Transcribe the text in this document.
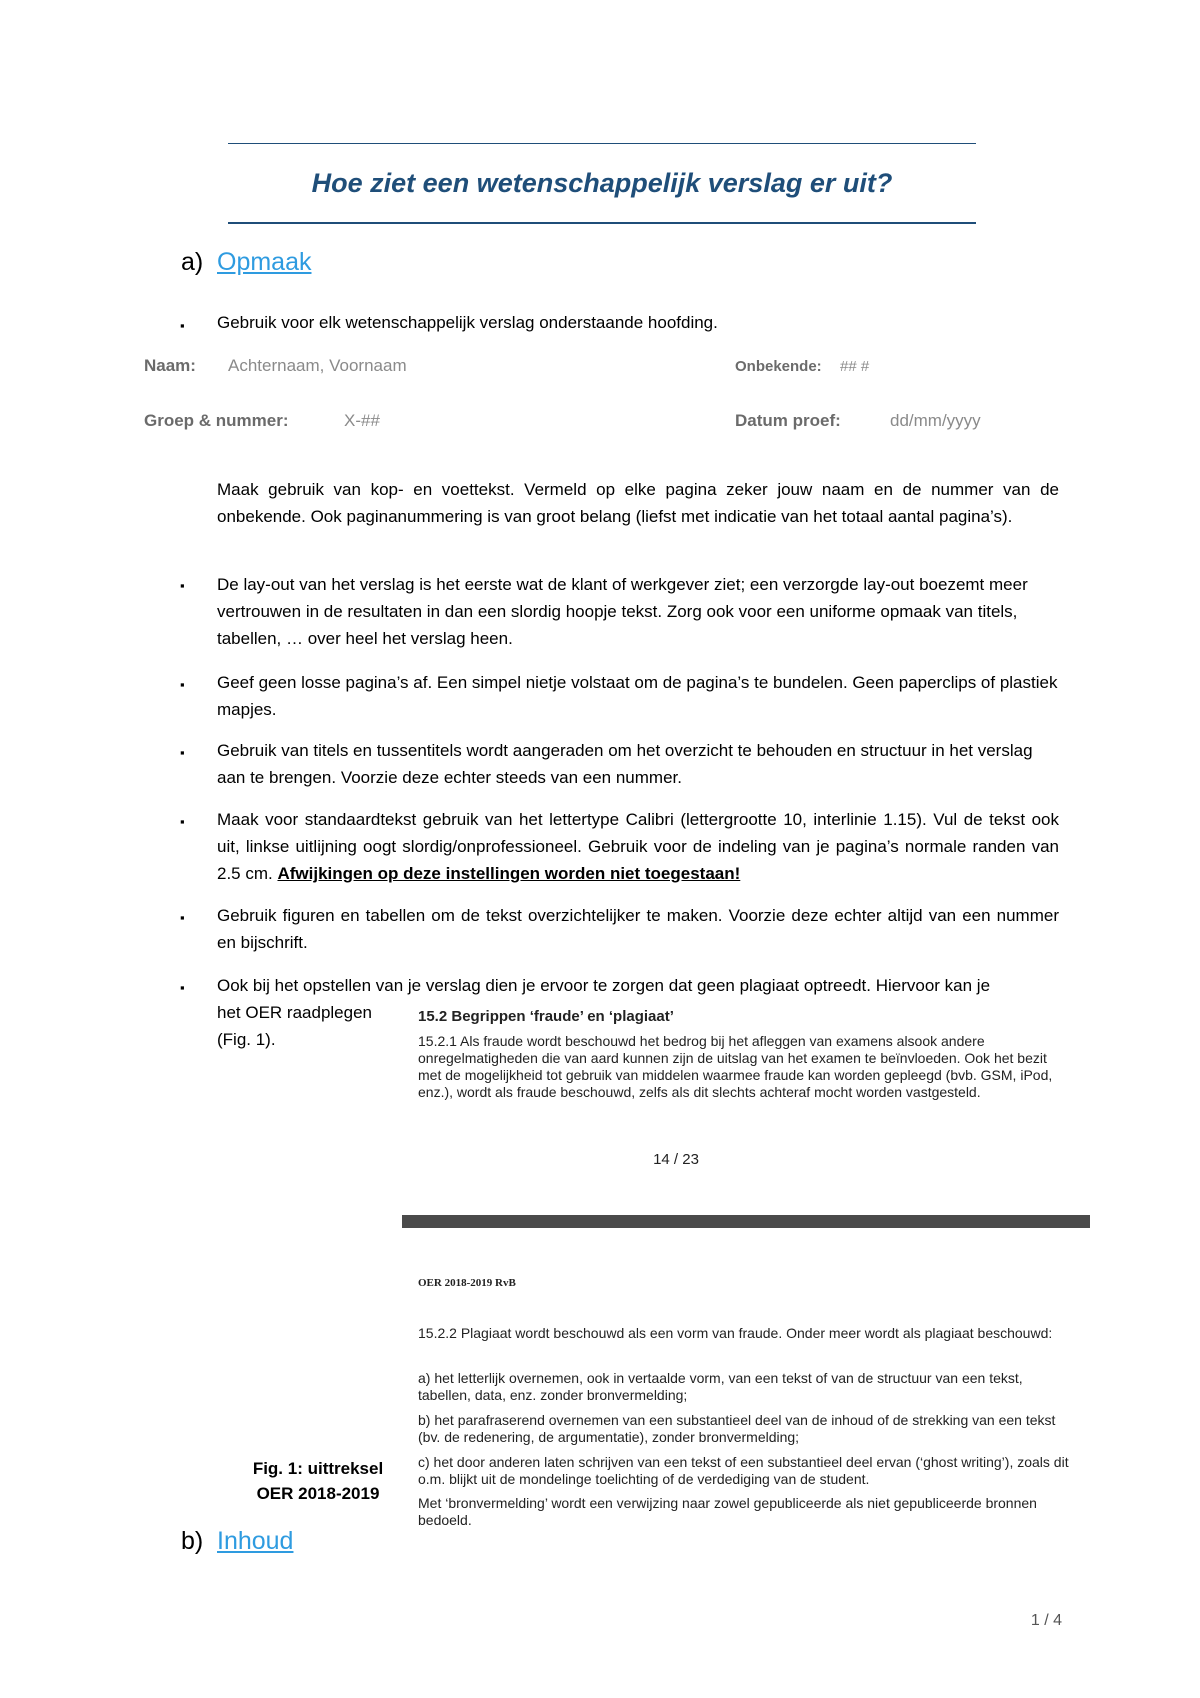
Hoe ziet een wetenschappelijk verslag er uit?
a) Opmaak
▪ Gebruik voor elk wetenschappelijk verslag onderstaande hoofding.
Naam: Achternaam, Voornaam	Onbekende: ## #
Groep & nummer:	X-##	Datum proef:	dd/mm/yyyy
Maak gebruik van kop- en voettekst. Vermeld op elke pagina zeker jouw naam en de nummer van de onbekende. Ook paginanummering is van groot belang (liefst met indicatie van het totaal aantal pagina’s).
▪ De lay-out van het verslag is het eerste wat de klant of werkgever ziet; een verzorgde lay-out boezemt meer vertrouwen in de resultaten in dan een slordig hoopje tekst. Zorg ook voor een uniforme opmaak van titels, tabellen, … over heel het verslag heen.
▪ Geef geen losse pagina’s af. Een simpel nietje volstaat om de pagina’s te bundelen. Geen paperclips of plastiek mapjes.
▪ Gebruik van titels en tussentitels wordt aangeraden om het overzicht te behouden en structuur in het verslag aan te brengen. Voorzie deze echter steeds van een nummer.
▪ Maak voor standaardtekst gebruik van het lettertype Calibri (lettergrootte 10, interlinie 1.15). Vul de tekst ook uit, linkse uitlijning oogt slordig/onprofessioneel. Gebruik voor de indeling van je pagina’s normale randen van 2.5 cm. Afwijkingen op deze instellingen worden niet toegestaan!
▪ Gebruik figuren en tabellen om de tekst overzichtelijker te maken. Voorzie deze echter altijd van een nummer en bijschrift.
▪ Ook bij het opstellen van je verslag dien je ervoor te zorgen dat geen plagiaat optreedt. Hiervoor kan je
het OER raadplegen
(Fig. 1).
15.2 Begrippen ‘fraude’ en ‘plagiaat’
15.2.1 Als fraude wordt beschouwd het bedrog bij het afleggen van examens alsook andere onregelmatigheden die van aard kunnen zijn de uitslag van het examen te beïnvloeden. Ook het bezit met de mogelijkheid tot gebruik van middelen waarmee fraude kan worden gepleegd (bvb. GSM, iPod, enz.), wordt als fraude beschouwd, zelfs als dit slechts achteraf mocht worden vastgesteld.
14 / 23
OER 2018-2019 RvB
15.2.2 Plagiaat wordt beschouwd als een vorm van fraude. Onder meer wordt als plagiaat beschouwd:
a) het letterlijk overnemen, ook in vertaalde vorm, van een tekst of van de structuur van een tekst, tabellen, data, enz. zonder bronvermelding;
b) het parafraserend overnemen van een substantieel deel van de inhoud of de strekking van een tekst (bv. de redenering, de argumentatie), zonder bronvermelding;
c) het door anderen laten schrijven van een tekst of een substantieel deel ervan (‘ghost writing’), zoals dit o.m. blijkt uit de mondelinge toelichting of de verdediging van de student.
Met ‘bronvermelding’ wordt een verwijzing naar zowel gepubliceerde als niet gepubliceerde bronnen bedoeld.
Fig. 1: uittreksel
OER 2018-2019
b) Inhoud
1 / 4
